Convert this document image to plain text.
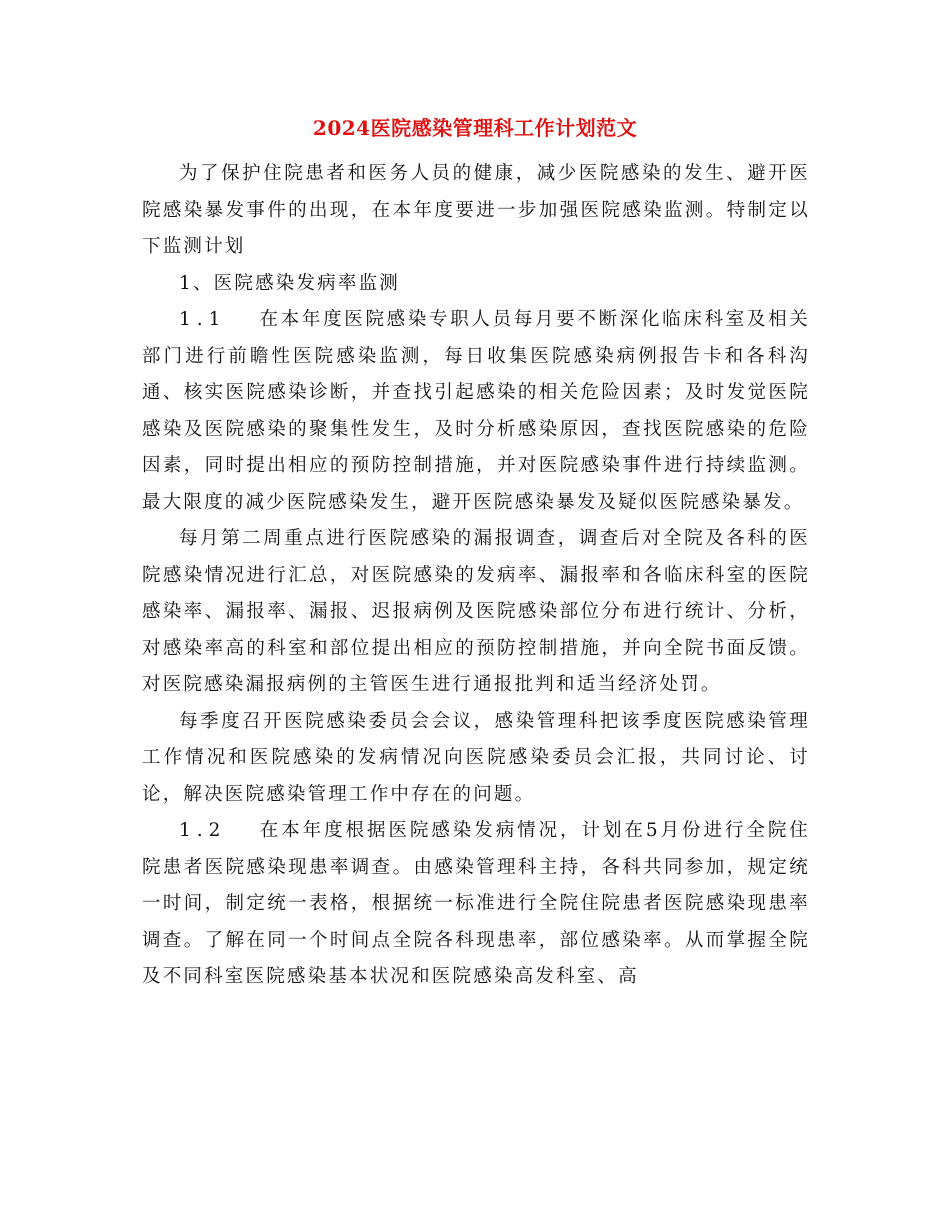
2024医院感染管理科工作计划范文

为了保护住院患者和医务人员的健康，减少医院感染的发生、避开医院感染暴发事件的出现，在本年度要进一步加强医院感染监测。特制定以下监测计划

1、医院感染发病率监测

1.1 在本年度医院感染专职人员每月要不断深化临床科室及相关部门进行前瞻性医院感染监测，每日收集医院感染病例报告卡和各科沟通、核实医院感染诊断，并查找引起感染的相关危险因素；及时发觉医院感染及医院感染的聚集性发生，及时分析感染原因，查找医院感染的危险因素，同时提出相应的预防控制措施，并对医院感染事件进行持续监测。最大限度的减少医院感染发生，避开医院感染暴发及疑似医院感染暴发。

每月第二周重点进行医院感染的漏报调查，调查后对全院及各科的医院感染情况进行汇总，对医院感染的发病率、漏报率和各临床科室的医院感染率、漏报率、漏报、迟报病例及医院感染部位分布进行统计、分析，对感染率高的科室和部位提出相应的预防控制措施，并向全院书面反馈。对医院感染漏报病例的主管医生进行通报批判和适当经济处罚。

每季度召开医院感染委员会会议，感染管理科把该季度医院感染管理工作情况和医院感染的发病情况向医院感染委员会汇报，共同讨论、讨论，解决医院感染管理工作中存在的问题。

1.2 在本年度根据医院感染发病情况，计划在5月份进行全院住院患者医院感染现患率调查。由感染管理科主持，各科共同参加，规定统一时间，制定统一表格，根据统一标准进行全院住院患者医院感染现患率调查。了解在同一个时间点全院各科现患率，部位感染率。从而掌握全院及不同科室医院感染基本状况和医院感染高发科室、高
